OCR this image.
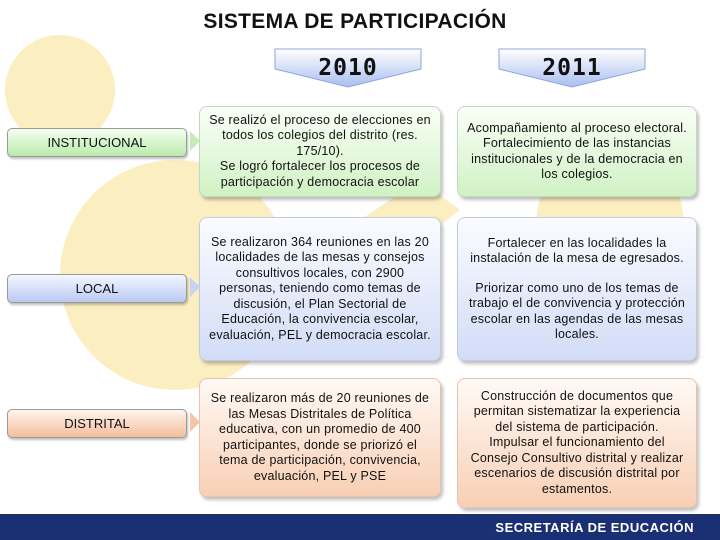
SISTEMA DE PARTICIPACIÓN
2010	2011
INSTITUCIONAL
LOCAL
DISTRITAL

Se realizó el proceso de elecciones en todos los colegios del distrito (res. 175/10).

Se logró fortalecer los procesos de participación y democracia escolar

Acompañamiento al proceso electoral.

Fortalecimiento de las instancias institucionales y de la democracia en los colegios.

Se realizaron 364 reuniones en las 20 localidades de las mesas y consejos consultivos locales, con 2900 personas, teniendo como temas de discusión, el Plan Sectorial de Educación, la convivencia escolar, evaluación, PEL y democracia escolar.

Fortalecer en las localidades la instalación de la mesa de egresados.

Priorizar como uno de los temas de trabajo el de convivencia y protección escolar en las agendas de las mesas locales.

Se realizaron más de 20 reuniones de las Mesas Distritales de Política educativa, con un promedio de 400 participantes, donde se priorizó el tema de participación, convivencia, evaluación, PEL y PSE

Construcción de documentos que permitan sistematizar la experiencia del sistema de participación.

Impulsar el funcionamiento del Consejo Consultivo distrital y realizar escenarios de discusión distrital por estamentos.

SECRETARÍA DE EDUCACIÓN
